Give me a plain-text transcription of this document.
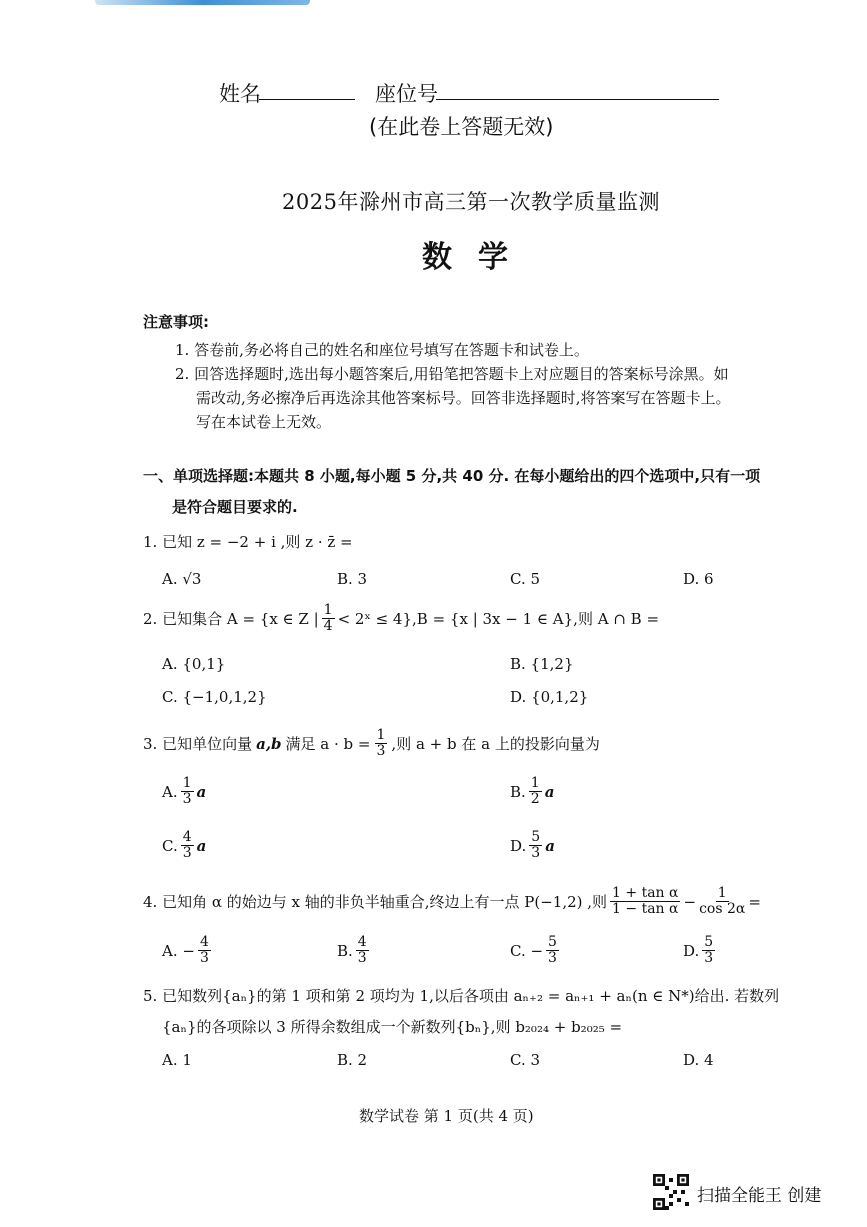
姓名	座位号
(在此卷上答题无效)
2025年滁州市高三第一次教学质量监测
数学
注意事项:
1. 答卷前,务必将自己的姓名和座位号填写在答题卡和试卷上。
2. 回答选择题时,选出每小题答案后,用铅笔把答题卡上对应题目的答案标号涂黑。如
需改动,务必擦净后再选涂其他答案标号。回答非选择题时,将答案写在答题卡上。
写在本试卷上无效。
一、单项选择题:本题共 8 小题,每小题 5 分,共 40 分. 在每小题给出的四个选项中,只有一项
是符合题目要求的.
1. 已知 z = −2 + i ,则 z · z̄ =
A. √3	B. 3	C. 5	D. 6
2. 已知集合 A = {x ∈ Z | $\frac{1}{4}$ < 2ˣ ≤ 4},B = {x | 3x − 1 ∈ A},则 A ∩ B =
A. {0,1}	B. {1,2}
C. {−1,0,1,2}	D. {0,1,2}
3. 已知单位向量 a,b 满足 $a \cdot b = \frac{1}{3}$ ,则 a + b 在 a 上的投影向量为
A. $\frac{1}{3}$ a	B. $\frac{1}{2}$ a
C. $\frac{4}{3}$ a	D. $\frac{5}{3}$ a
4. 已知角 α 的始边与 x 轴的非负半轴重合,终边上有一点 P(−1,2) ,则 $\frac{\text{1 + tan α}}{\text{1 − tan α}} - \frac{1}{\cos 2\alpha}$ =
A. − $\frac{4}{3}$	B. $\frac{4}{3}$	C. − $\frac{5}{3}$	D. $\frac{5}{3}$
5. 已知数列{aₙ}的第 1 项和第 2 项均为 1,以后各项由 aₙ₊₂ = aₙ₊₁ + aₙ(n ∈ N*)给出. 若数列
{aₙ}的各项除以 3 所得余数组成一个新数列{bₙ},则 b₂₀₂₄ + b₂₀₂₅ =
A. 1	B. 2	C. 3	D. 4
数学试卷 第 1 页(共 4 页)
扫描全能王 创建
